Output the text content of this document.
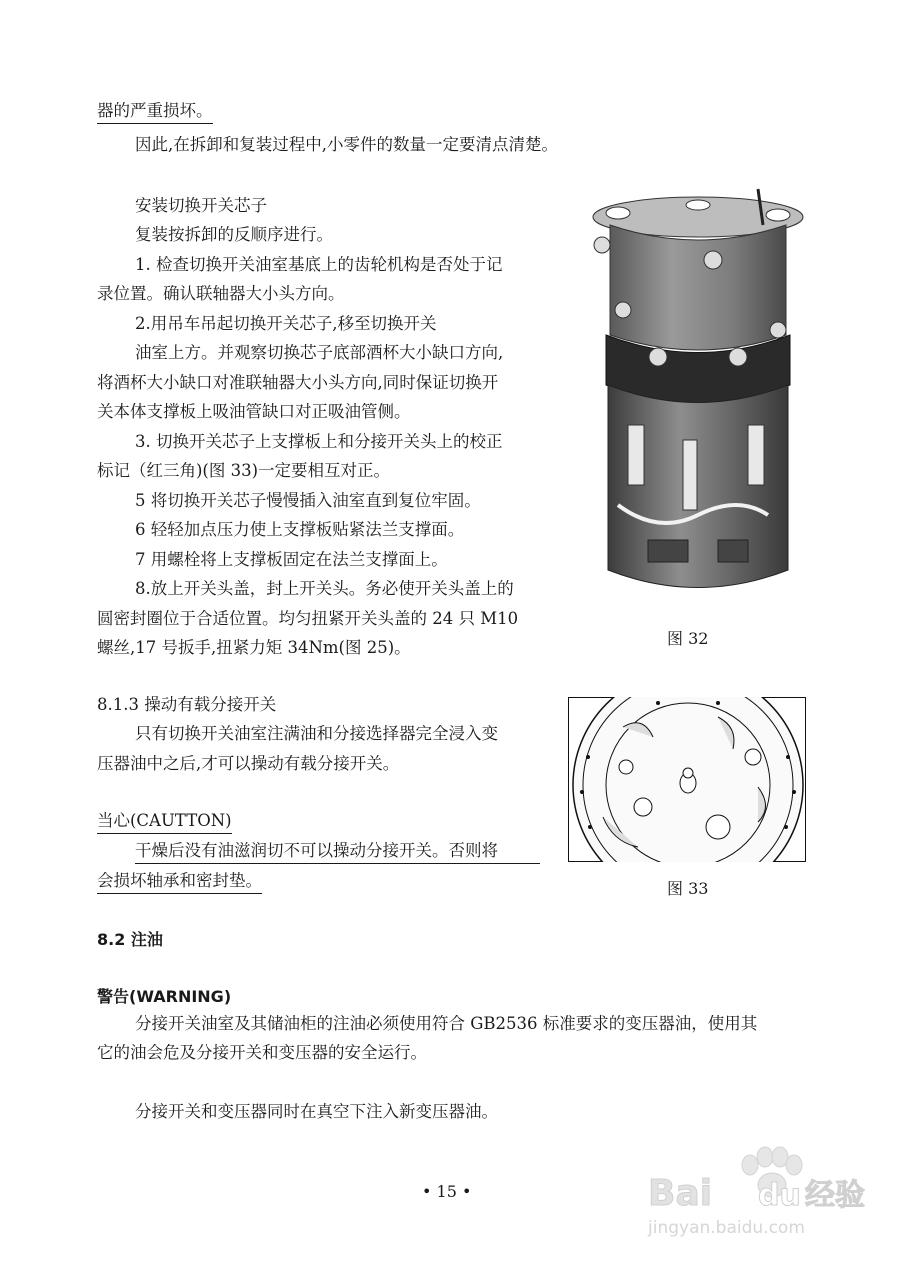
器的严重损坏。
因此,在拆卸和复装过程中,小零件的数量一定要清点清楚。
安装切换开关芯子
复装按拆卸的反顺序进行。
1. 检查切换开关油室基底上的齿轮机构是否处于记
录位置。确认联轴器大小头方向。
2.用吊车吊起切换开关芯子,移至切换开关
油室上方。并观察切换芯子底部酒杯大小缺口方向,
将酒杯大小缺口对准联轴器大小头方向,同时保证切换开
关本体支撑板上吸油管缺口对正吸油管侧。
3. 切换开关芯子上支撑板上和分接开关头上的校正
标记（红三角)(图 33)一定要相互对正。
5 将切换开关芯子慢慢插入油室直到复位牢固。
6 轻轻加点压力使上支撑板贴紧法兰支撑面。
7 用螺栓将上支撑板固定在法兰支撑面上。
8.放上开关头盖，封上开关头。务必使开关头盖上的
圆密封圈位于合适位置。均匀扭紧开关头盖的 24 只 M10
螺丝,17 号扳手,扭紧力矩 34Nm(图 25)。
8.1.3 操动有载分接开关
只有切换开关油室注满油和分接选择器完全浸入变
压器油中之后,才可以操动有载分接开关。
当心(CAUTTON)
干燥后没有油滋润切不可以操动分接开关。否则将
会损坏轴承和密封垫。
8.2 注油
警告(WARNING)
分接开关油室及其储油柜的注油必须使用符合 GB2536 标准要求的变压器油，使用其
它的油会危及分接开关和变压器的安全运行。
分接开关和变压器同时在真空下注入新变压器油。
图 32
图 33
• 15 •	Bai du 经验
jingyan.baidu.com
